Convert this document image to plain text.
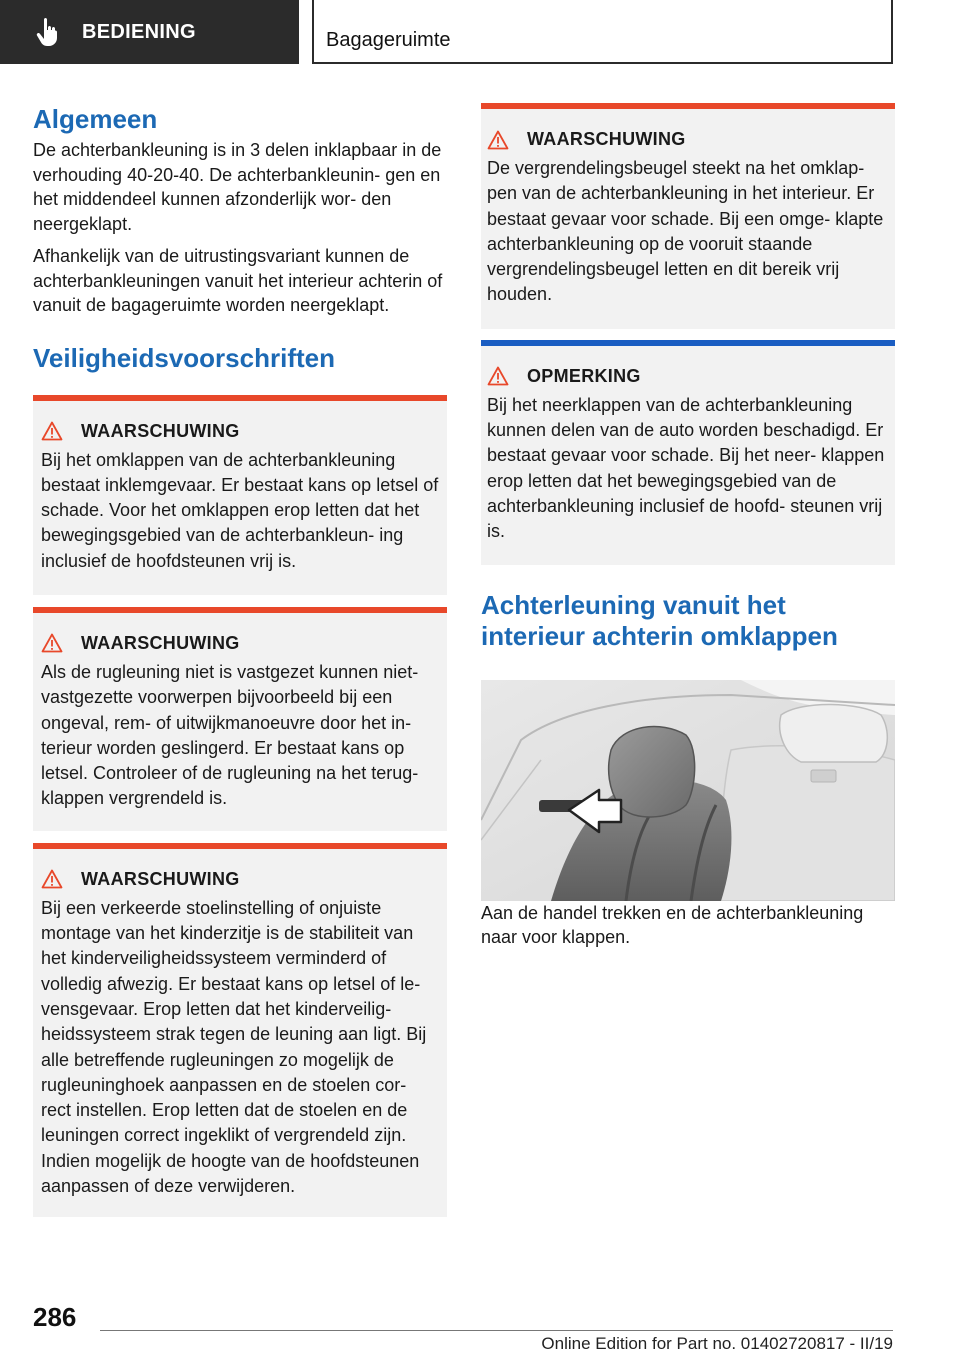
BEDIENING	Bagageruimte
Algemeen

De achterbankleuning is in 3 delen inklapbaar in de verhouding 40‑20‑40. De achterbankleunin‑ gen en het middendeel kunnen afzonderlijk wor‑ den neergeklapt.

Afhankelijk van de uitrustingsvariant kunnen de achterbankleuningen vanuit het interieur achterin of vanuit de bagageruimte worden neergeklapt.

Veiligheidsvoorschriften
WAARSCHUWING
Bij het omklappen van de achterbankleuning bestaat inklemgevaar. Er bestaat kans op letsel of schade. Voor het omklappen erop letten dat het bewegingsgebied van de achterbankleun‑ ing inclusief de hoofdsteunen vrij is.
WAARSCHUWING
Als de rugleuning niet is vastgezet kunnen niet‑ vastgezette voorwerpen bijvoorbeeld bij een ongeval, rem‑ of uitwijkmanoeuvre door het in‑ terieur worden geslingerd. Er bestaat kans op letsel. Controleer of de rugleuning na het terug‑ klappen vergrendeld is.
WAARSCHUWING
Bij een verkeerde stoelinstelling of onjuiste montage van het kinderzitje is de stabiliteit van het kinderveiligheidssysteem verminderd of volledig afwezig. Er bestaat kans op letsel of le‑ vensgevaar. Erop letten dat het kinderveilig‑ heidssysteem strak tegen de leuning aan ligt. Bij alle betreffende rugleuningen zo mogelijk de rugleuninghoek aanpassen en de stoelen cor‑ rect instellen. Erop letten dat de stoelen en de leuningen correct ingeklikt of vergrendeld zijn. Indien mogelijk de hoogte van de hoofdsteunen aanpassen of deze verwijderen.
WAARSCHUWING
De vergrendelingsbeugel steekt na het omklap‑ pen van de achterbankleuning in het interieur. Er bestaat gevaar voor schade. Bij een omge‑ klapte achterbankleuning op de vooruit staande vergrendelingsbeugel letten en dit bereik vrij houden.
OPMERKING
Bij het neerklappen van de achterbankleuning kunnen delen van de auto worden beschadigd. Er bestaat gevaar voor schade. Bij het neer‑ klappen erop letten dat het bewegingsgebied van de achterbankleuning inclusief de hoofd‑ steunen vrij is.
Achterleuning vanuit het
interieur achterin omklappen

Aan de handel trekken en de achterbankleuning naar voor klappen.

286
Online Edition for Part no. 01402720817 - II/19
